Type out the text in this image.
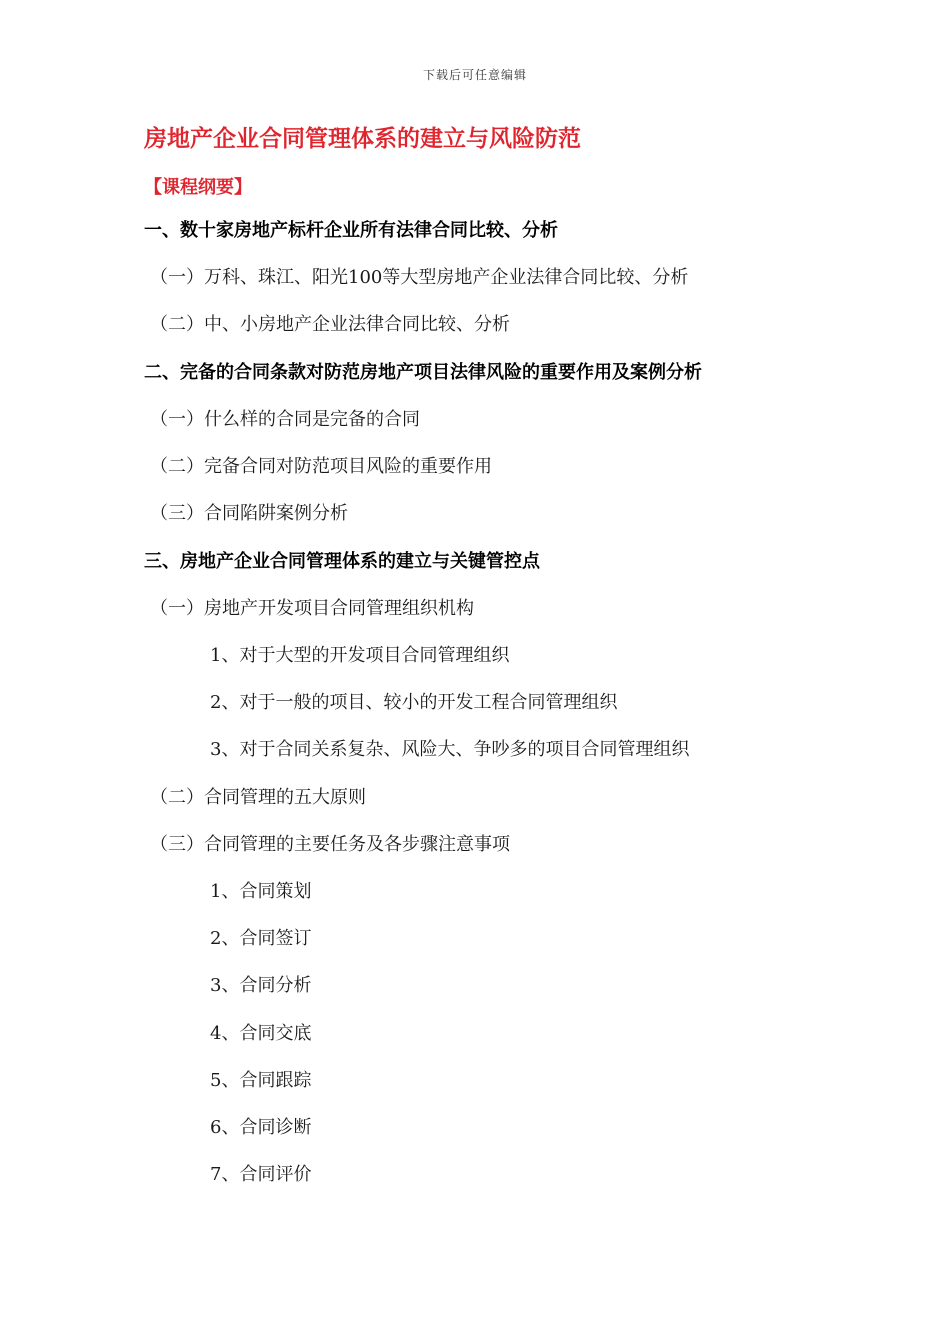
下载后可任意编辑
房地产企业合同管理体系的建立与风险防范
【课程纲要】
一、数十家房地产标杆企业所有法律合同比较、分析
（一）万科、珠江、阳光100等大型房地产企业法律合同比较、分析
（二）中、小房地产企业法律合同比较、分析
二、完备的合同条款对防范房地产项目法律风险的重要作用及案例分析
（一）什么样的合同是完备的合同
（二）完备合同对防范项目风险的重要作用
（三）合同陷阱案例分析
三、房地产企业合同管理体系的建立与关键管控点
（一）房地产开发项目合同管理组织机构
1、对于大型的开发项目合同管理组织
2、对于一般的项目、较小的开发工程合同管理组织
3、对于合同关系复杂、风险大、争吵多的项目合同管理组织
（二）合同管理的五大原则
（三）合同管理的主要任务及各步骤注意事项
1、合同策划
2、合同签订
3、合同分析
4、合同交底
5、合同跟踪
6、合同诊断
7、合同评价
